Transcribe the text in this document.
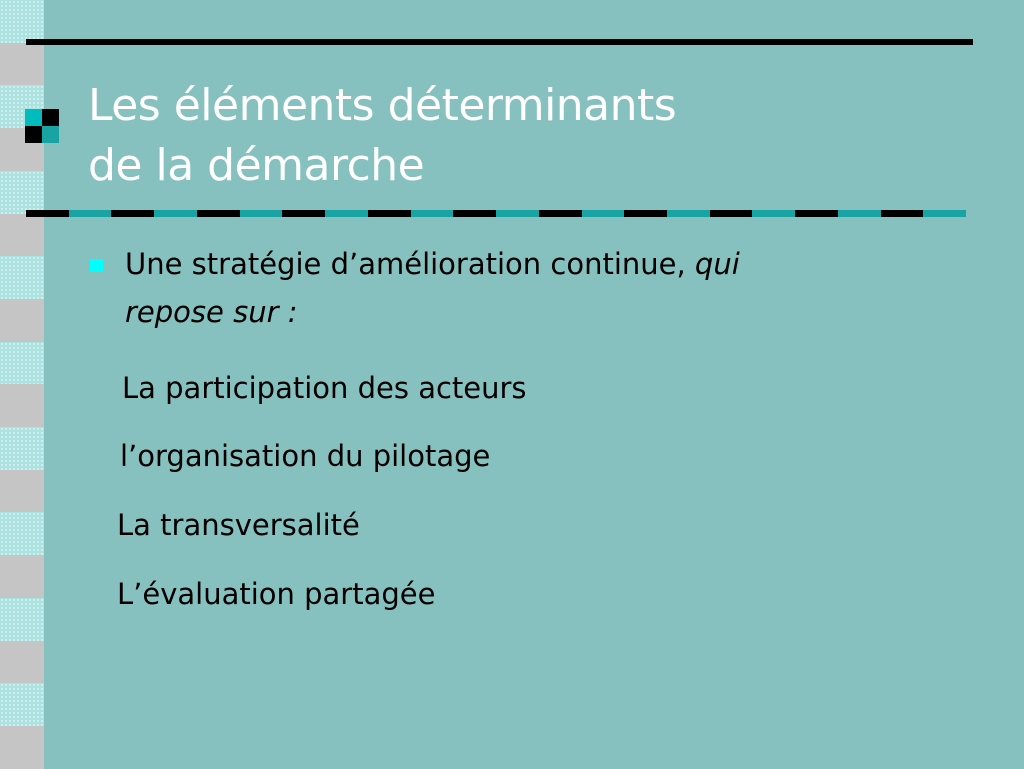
Les éléments déterminants
de la démarche
Une stratégie d’amélioration continue, qui
repose sur :
La participation des acteurs
l’organisation du pilotage
La transversalité
L’évaluation partagée
